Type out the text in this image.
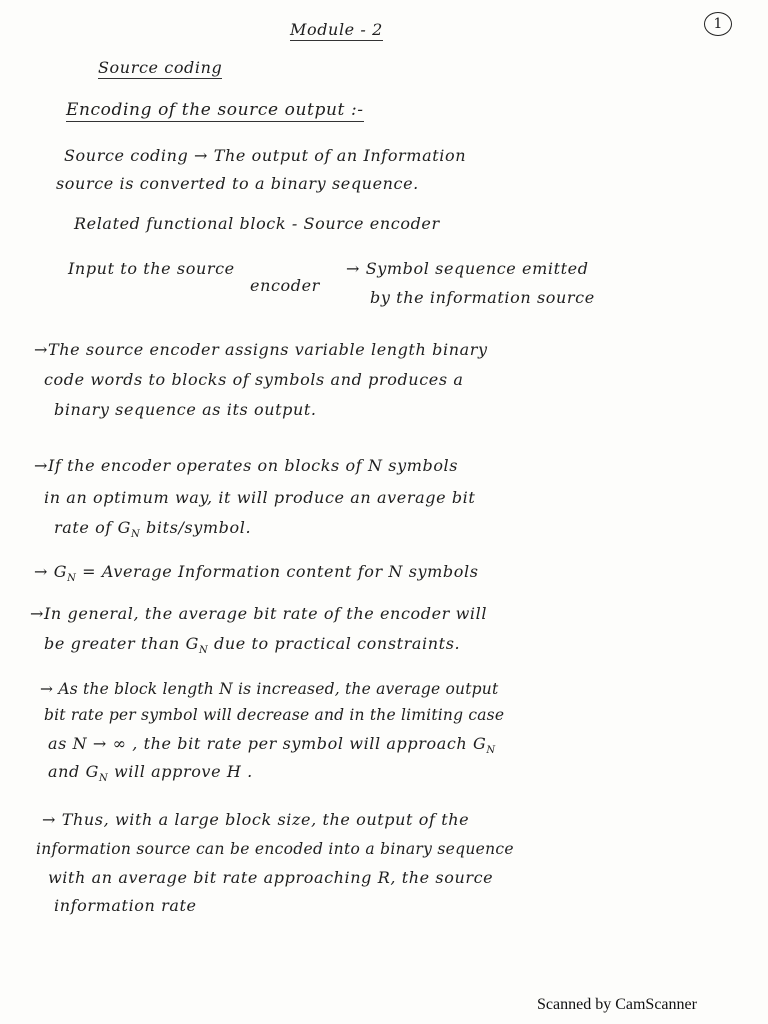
Module - 2	1
Source coding
Encoding of the source output :-
Source coding → The output of an Information
source is converted to a binary sequence.
Related functional block - Source encoder
Input to the source
encoder
→ Symbol sequence emitted
by the information source
→The source encoder assigns variable length binary
code words to blocks of symbols and produces a
binary sequence as its output.
→If the encoder operates on blocks of N symbols
in an optimum way, it will produce an average bit
rate of $G_N$ bits/symbol.
→ $G_N$ = Average Information content for N symbols
→In general, the average bit rate of the encoder will
be greater than $G_N$ due to practical constraints.
→ As the block length N is increased, the average output
bit rate per symbol will decrease and in the limiting case
as N → ∞ , the bit rate per symbol will approach $G_N$
and $G_N$ will approve H .
→ Thus, with a large block size, the output of the
information source can be encoded into a binary sequence
with an average bit rate approaching R, the source
information rate
Scanned by CamScanner
